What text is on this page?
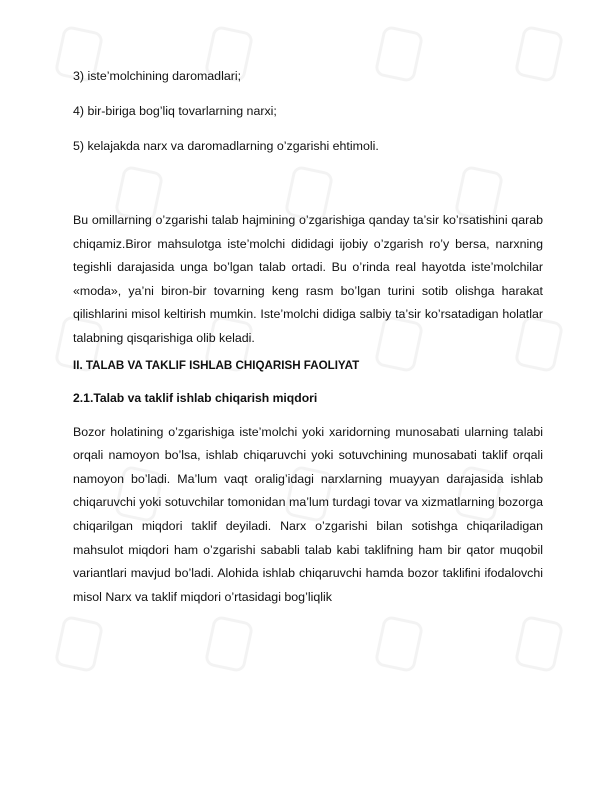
3) iste’molchining daromadlari;
4) bir-biriga bog’liq tovarlarning narxi;
5) kelajakda narx va daromadlarning o’zgarishi ehtimoli.

Bu omillarning o’zgarishi talab hajmining o’zgarishiga qanday ta’sir ko’rsatishini qarab chiqamiz.Biror mahsulotga iste’molchi dididagi ijobiy o’zgarish ro’y bersa, narxning tegishli darajasida unga bo’lgan talab ortadi. Bu o’rinda real hayotda iste’molchilar «moda», ya’ni biron-bir tovarning keng rasm bo’lgan turini sotib olishga harakat qilishlarini misol keltirish mumkin. Iste’molchi didiga salbiy ta’sir ko’rsatadigan holatlar talabning qisqarishiga olib keladi.

II. TALAB VA TAKLIF ISHLAB CHIQARISH FAOLIYAT
2.1.Talab va taklif ishlab chiqarish miqdori

Bozor holatining o’zgarishiga iste’molchi yoki xaridorning munosabati ularning talabi orqali namoyon bo’lsa, ishlab chiqaruvchi yoki sotuvchining munosabati taklif orqali namoyon bo’ladi. Ma’lum vaqt oralig’idagi narxlarning muayyan darajasida ishlab chiqaruvchi yoki sotuvchilar tomonidan ma’lum turdagi tovar va xizmatlarning bozorga chiqarilgan miqdori taklif deyiladi. Narx o’zgarishi bilan sotishga chiqariladigan mahsulot miqdori ham o’zgarishi sababli talab kabi taklifning ham bir qator muqobil variantlari mavjud bo’ladi. Alohida ishlab chiqaruvchi hamda bozor taklifini ifodalovchi misol Narx va taklif miqdori o’rtasidagi bog’liqlik
